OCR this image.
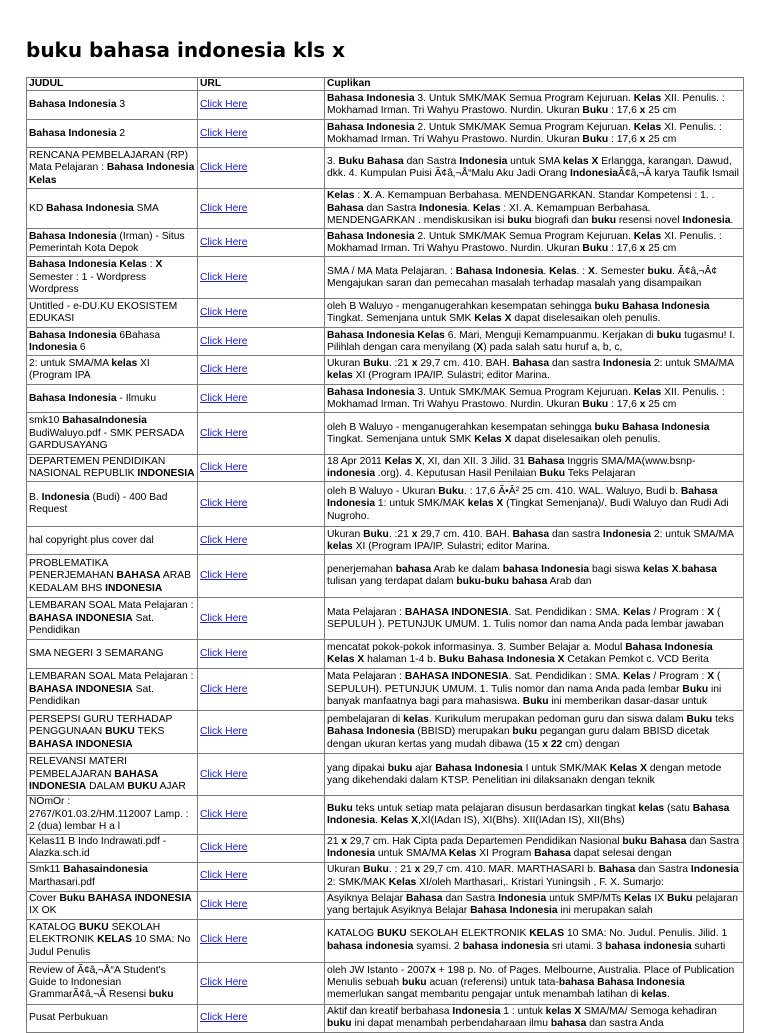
buku bahasa indonesia kls x
JUDUL	URL	Cuplikan
Bahasa Indonesia 3	Click Here	Bahasa Indonesia 3. Untuk SMK/MAK Semua Program Kejuruan. Kelas XII. Penulis. : Mokhamad Irman. Tri Wahyu Prastowo. Nurdin. Ukuran Buku : 17,6 x 25 cm
Bahasa Indonesia 2	Click Here	Bahasa Indonesia 2. Untuk SMK/MAK Semua Program Kejuruan. Kelas XI. Penulis. : Mokhamad Irman. Tri Wahyu Prastowo. Nurdin. Ukuran Buku : 17,6 x 25 cm
RENCANA PEMBELAJARAN (RP) Mata Pelajaran : Bahasa Indonesia Kelas	Click Here	3. Buku Bahasa dan Sastra Indonesia untuk SMA kelas X Erlangga, karangan. Dawud, dkk. 4. Kumpulan Puisi Ã¢â‚¬Å“Malu Aku Jadi Orang IndonesiaÃ¢â‚¬Â karya Taufik Ismail
KD Bahasa Indonesia SMA	Click Here	Kelas : X. A. Kemampuan Berbahasa. MENDENGARKAN. Standar Kompetensi : 1. . Bahasa dan Sastra Indonesia. Kelas : XI. A. Kemampuan Berbahasa. MENDENGARKAN . mendiskusikan isi buku biografi dan buku resensi novel Indonesia.
Bahasa Indonesia (Irman) - Situs Pemerintah Kota Depok	Click Here	Bahasa Indonesia 2. Untuk SMK/MAK Semua Program Kejuruan. Kelas XI. Penulis. : Mokhamad Irman. Tri Wahyu Prastowo. Nurdin. Ukuran Buku : 17,6 x 25 cm
Bahasa Indonesia Kelas : X Semester : 1 - Wordpress Wordpress	Click Here	SMA / MA Mata Pelajaran. : Bahasa Indonesia. Kelas. : X. Semester buku. Ã¢â‚¬Â¢ Mengajukan saran dan pemecahan masalah terhadap masalah yang disampaikan
Untitled - e-DU.KU EKOSISTEM EDUKASI	Click Here	oleh B Waluyo - menganugerahkan kesempatan sehingga buku Bahasa Indonesia Tingkat. Semenjana untuk SMK Kelas X dapat diselesaikan oleh penulis.
Bahasa Indonesia 6Bahasa Indonesia 6	Click Here	Bahasa Indonesia Kelas 6. Mari, Menguji Kemampuanmu. Kerjakan di buku tugasmu! I. Pilihlah dengan cara menyilang (X) pada salah satu huruf a, b, c,
2: untuk SMA/MA kelas XI (Program IPA	Click Here	Ukuran Buku. :21 x 29,7 cm. 410. BAH. Bahasa dan sastra Indonesia 2: untuk SMA/MA kelas XI (Program IPA/IP. Sulastri; editor Marina.
Bahasa Indonesia - Ilmuku	Click Here	Bahasa Indonesia 3. Untuk SMK/MAK Semua Program Kejuruan. Kelas XII. Penulis. : Mokhamad Irman. Tri Wahyu Prastowo. Nurdin. Ukuran Buku : 17,6 x 25 cm
smk10 BahasaIndonesia BudiWaluyo.pdf - SMK PERSADA GARDUSAYANG	Click Here	oleh B Waluyo - menganugerahkan kesempatan sehingga buku Bahasa Indonesia Tingkat. Semenjana untuk SMK Kelas X dapat diselesaikan oleh penulis.
DEPARTEMEN PENDIDIKAN NASIONAL REPUBLIK INDONESIA	Click Here	18 Apr 2011 Kelas X, XI, dan XII. 3 Jilid. 31 Bahasa Inggris SMA/MA(www.bsnp-indonesia .org). 4. Keputusan Hasil Penilaian Buku Teks Pelajaran
B. Indonesia (Budi) - 400 Bad Request	Click Here	oleh B Waluyo - Ukuran Buku. : 17,6 Ã•Â² 25 cm. 410. WAL. Waluyo, Budi b. Bahasa Indonesia 1: untuk SMK/MAK kelas X (Tingkat Semenjana)/. Budi Waluyo dan Rudi Adi Nugroho.
hal copyright plus cover dal	Click Here	Ukuran Buku. :21 x 29,7 cm. 410. BAH. Bahasa dan sastra Indonesia 2: untuk SMA/MA kelas XI (Program IPA/IP. Sulastri; editor Marina.
PROBLEMATIKA PENERJEMAHAN BAHASA ARAB KEDALAM BHS INDONESIA	Click Here	penerjemahan bahasa Arab ke dalam bahasa Indonesia bagi siswa kelas X.bahasa tulisan yang terdapat dalam buku-buku bahasa Arab dan
LEMBARAN SOAL Mata Pelajaran : BAHASA INDONESIA Sat. Pendidikan	Click Here	Mata Pelajaran : BAHASA INDONESIA. Sat. Pendidikan : SMA. Kelas / Program : X ( SEPULUH ). PETUNJUK UMUM. 1. Tulis nomor dan nama Anda pada lembar jawaban
SMA NEGERI 3 SEMARANG	Click Here	mencatat pokok-pokok informasinya. 3. Sumber Belajar a. Modul Bahasa Indonesia Kelas X halaman 1-4 b. Buku Bahasa Indonesia X Cetakan Pemkot c. VCD Berita
LEMBARAN SOAL Mata Pelajaran : BAHASA INDONESIA Sat. Pendidikan	Click Here	Mata Pelajaran : BAHASA INDONESIA. Sat. Pendidikan : SMA. Kelas / Program : X ( SEPULUH). PETUNJUK UMUM. 1. Tulis nomor dan nama Anda pada lembar Buku ini banyak manfaatnya bagi para mahasiswa. Buku ini memberikan dasar-dasar untuk
PERSEPSI GURU TERHADAP PENGGUNAAN BUKU TEKS BAHASA INDONESIA	Click Here	pembelajaran di kelas. Kurikulum merupakan pedoman guru dan siswa dalam Buku teks Bahasa Indonesia (BBISD) merupakan buku pegangan guru dalam BBISD dicetak dengan ukuran kertas yang mudah dibawa (15 x 22 cm) dengan
RELEVANSI MATERI PEMBELAJARAN BAHASA INDONESIA DALAM BUKU AJAR	Click Here	yang dipakai buku ajar Bahasa Indonesia I untuk SMK/MAK Kelas X dengan metode yang dikehendaki dalam KTSP. Penelitian ini dilaksanakn dengan teknik
NOmOr : 2767/K01.03.2/HM.112007 Lamp. : 2 (dua) lembar H a l	Click Here	Buku teks untuk setiap mata pelajaran disusun berdasarkan tingkat kelas (satu Bahasa Indonesia. Kelas X,XI(IAdan IS), XI(Bhs). XII(IAdan IS), XII(Bhs)
Kelas11 B Indo Indrawati.pdf - Alazka.sch.id	Click Here	21 x 29,7 cm. Hak Cipta pada Departemen Pendidikan Nasional buku Bahasa dan Sastra Indonesia untuk SMA/MA Kelas XI Program Bahasa dapat selesai dengan
Smk11 Bahasaindonesia Marthasari.pdf	Click Here	Ukuran Buku. : 21 x 29,7 cm. 410. MAR. MARTHASARI b. Bahasa dan Sastra Indonesia 2: SMK/MAK Kelas XI/oleh Marthasari,. Kristari Yuningsih , F. X. Sumarjo:
Cover Buku BAHASA INDONESIA IX OK	Click Here	Asyiknya Belajar Bahasa dan Sastra Indonesia untuk SMP/MTs Kelas IX Buku pelajaran yang bertajuk Asyiknya Belajar Bahasa Indonesia ini merupakan salah
KATALOG BUKU SEKOLAH ELEKTRONIK KELAS 10 SMA: No Judul Penulis	Click Here	KATALOG BUKU SEKOLAH ELEKTRONIK KELAS 10 SMA: No. Judul. Penulis. Jilid. 1 bahasa indonesia syamsi. 2 bahasa indonesia sri utami. 3 bahasa indonesia suharti
Review of Ã¢â‚¬Å“A Student's Guide to Indonesian GrammarÃ¢â‚¬Â Resensi buku	Click Here	oleh JW Istanto - 2007x + 198 p. No. of Pages. Melbourne, Australia. Place of Publication Menulis sebuah buku acuan (referensi) untuk tata-bahasa Bahasa Indonesia memerlukan sangat membantu pengajar untuk menambah latihan di kelas.
Pusat Perbukuan	Click Here	Aktif dan kreatif berbahasa Indonesia 1 : untuk kelas X SMA/MA/ Semoga kehadiran buku ini dapat menambah perbendaharaan ilmu bahasa dan sastra Anda
